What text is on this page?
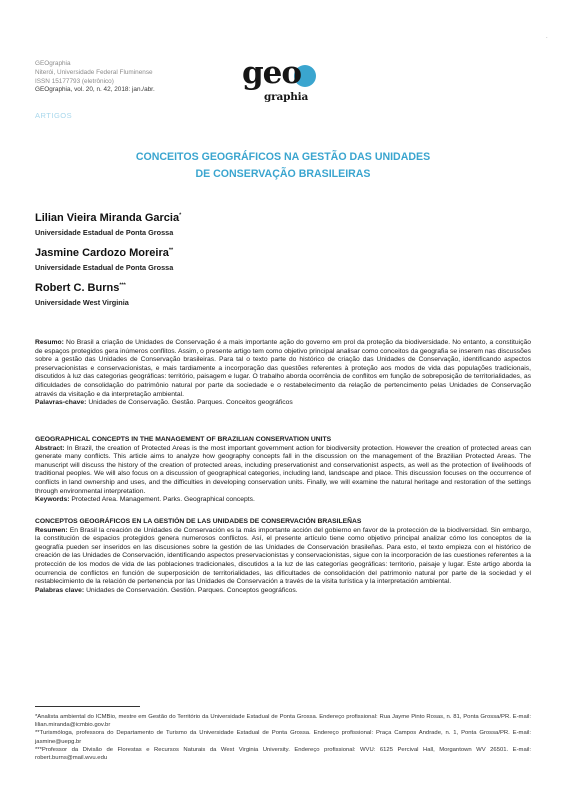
.
GEOgraphia
Niterói, Universidade Federal Fluminense
ISSN 15177793 (eletrônico)
GEOgraphia, vol. 20, n. 42, 2018: jan./abr.	geo
graphia
ARTIGOS
CONCEITOS GEOGRÁFICOS NA GESTÃO DAS UNIDADES
DE CONSERVAÇÃO BRASILEIRAS
Lilian Vieira Miranda Garcia*
Universidade Estadual de Ponta Grossa
Jasmine Cardozo Moreira**
Universidade Estadual de Ponta Grossa
Robert C. Burns***
Universidade West Virginia

Resumo: No Brasil a criação de Unidades de Conservação é a mais importante ação do governo em prol da proteção da biodiversidade. No entanto, a constituição de espaços protegidos gera inúmeros conflitos. Assim, o presente artigo tem como objetivo principal analisar como conceitos da geografia se inserem nas discussões sobre a gestão das Unidades de Conservação brasileiras. Para tal o texto parte do histórico de criação das Unidades de Conservação, identificando aspectos preservacionistas e conservacionistas, e mais tardiamente a incorporação das questões referentes à proteção aos modos de vida das populações tradicionais, discutidos à luz das categorias geográficas: território, paisagem e lugar. O trabalho aborda ocorrência de conflitos em função de sobreposição de territorialidades, as dificuldades de consolidação do patrimônio natural por parte da sociedade e o restabelecimento da relação de pertencimento pelas Unidades de Conservação através da visitação e da interpretação ambiental.

Palavras-chave: Unidades de Conservação. Gestão. Parques. Conceitos geográficos

GEOGRAPHICAL CONCEPTS IN THE MANAGEMENT OF BRAZILIAN CONSERVATION UNITS

Abstract: In Brazil, the creation of Protected Areas is the most important government action for biodiversity protection. However the creation of protected areas can generate many conflicts. This article aims to analyze how geography concepts fall in the discussion on the management of the Brazilian Protected Areas. The manuscript will discuss the history of the creation of protected areas, including preservationist and conservationist aspects, as well as the protection of livelihoods of traditional peoples. We will also focus on a discussion of geographical categories, including land, landscape and place. This discussion focuses on the occurrence of conflicts in land ownership and uses, and the difficulties in developing conservation units. Finally, we will examine the natural heritage and restoration of the settings through environmental interpretation.

Keywords: Protected Area. Management. Parks. Geographical concepts.

CONCEPTOS GEOGRÁFICOS EN LA GESTIÓN DE LAS UNIDADES DE CONSERVACIÓN BRASILEÑAS

Resumen: En Brasil la creación de Unidades de Conservación es la más importante acción del gobierno en favor de la protección de la biodiversidad. Sin embargo, la constitución de espacios protegidos genera numerosos conflictos. Así, el presente artículo tiene como objetivo principal analizar cómo los conceptos de la geografía pueden ser inseridos en las discusiones sobre la gestión de las Unidades de Conservación brasileñas. Para esto, el texto empieza con el histórico de creación de las Unidades de Conservación, identificando aspectos preservacionistas y conservacionistas, sigue con la incorporación de las cuestiones referentes a la protección de los modos de vida de las poblaciones tradicionales, discutidos a la luz de las categorías geográficas: territorio, paisaje y lugar. Este artigo aborda la ocurrencia de conflictos en función de superposición de territorialidades, las dificultades de consolidación del patrimonio natural por parte de la sociedad y el restablecimiento de la relación de pertenencia por las Unidades de Conservación a través de la visita turística y la interpretación ambiental.

Palabras clave: Unidades de Conservación. Gestión. Parques. Conceptos geográficos.

*Analista ambiental do ICMBio, mestre em Gestão do Território da Universidade Estadual de Ponta Grossa. Endereço profissional: Rua Jayme Pinto Rosas, n. 81, Ponta Grossa/PR. E-mail: lilian.miranda@icmbio.gov.br

**Turismóloga, professora do Departamento de Turismo da Universidade Estadual de Ponta Grossa. Endereço profissional: Praça Campos Andrade, n. 1, Ponta Grossa/PR. E-mail: jasmine@uepg.br

***Professor da Divisão de Florestas e Recursos Naturais da West Virginia University. Endereço profissional: WVU: 6125 Percival Hall, Morgantown WV 26501. E-mail: robert.burns@mail.wvu.edu
